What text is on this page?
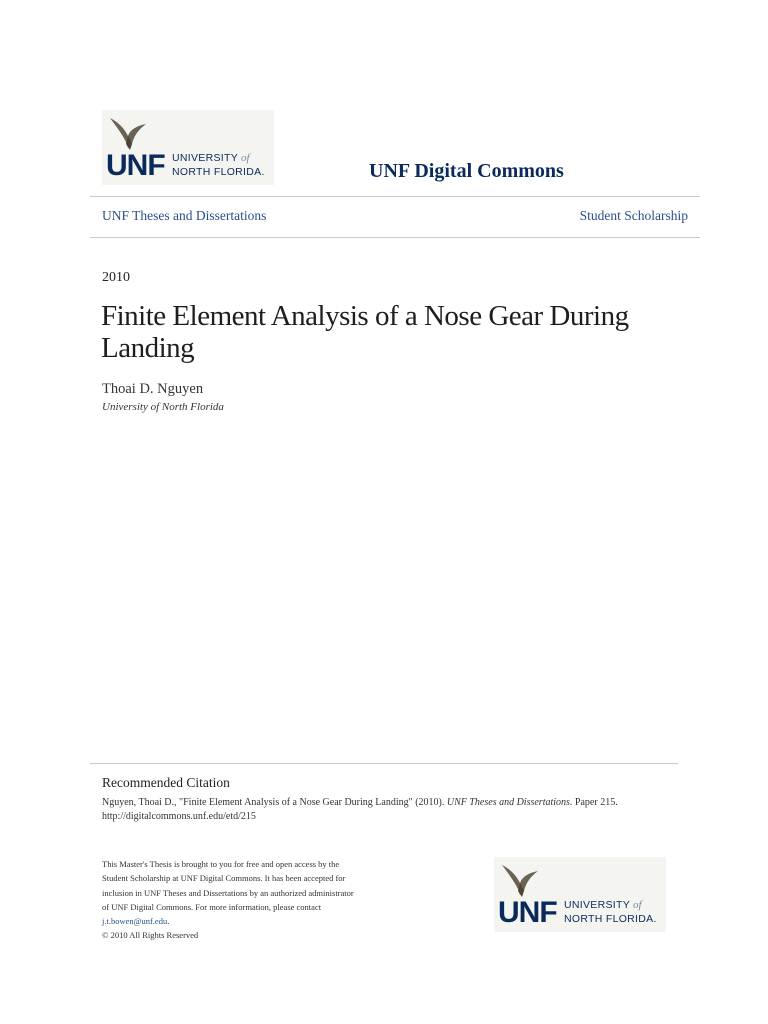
UNF UNIVERSITY of
NORTH FLORIDA.	UNF Digital Commons
UNF Theses and Dissertations	Student Scholarship
2010
Finite Element Analysis of a Nose Gear During Landing
Thoai D. Nguyen
University of North Florida
Recommended Citation
Nguyen, Thoai D., "Finite Element Analysis of a Nose Gear During Landing" (2010). UNF Theses and Dissertations. Paper 215.
http://digitalcommons.unf.edu/etd/215
This Master's Thesis is brought to you for free and open access by the
Student Scholarship at UNF Digital Commons. It has been accepted for
inclusion in UNF Theses and Dissertations by an authorized administrator
of UNF Digital Commons. For more information, please contact
j.t.bowen@unf.edu.
© 2010 All Rights Reserved
UNF UNIVERSITY of
NORTH FLORIDA.
